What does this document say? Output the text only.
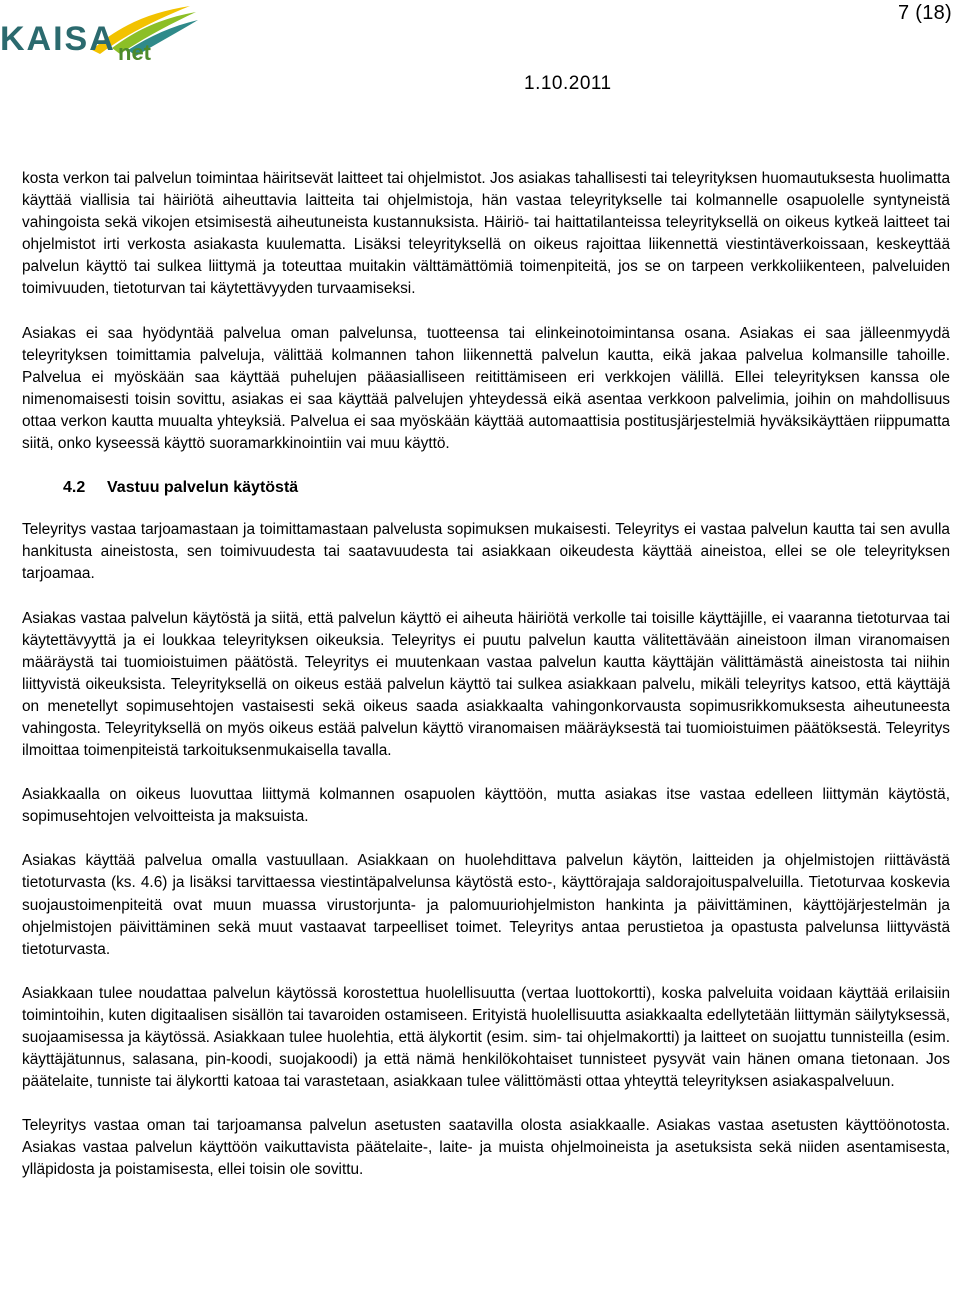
KAISA net
7 (18)
1.10.2011

kosta verkon tai palvelun toimintaa häiritsevät laitteet tai ohjelmistot. Jos asiakas tahallisesti tai teleyrityksen huomautuksesta huolimatta käyttää viallisia tai häiriötä aiheuttavia laitteita tai ohjelmistoja, hän vastaa teleyritykselle tai kolmannelle osapuolelle syntyneistä vahingoista sekä vikojen etsimisestä aiheutuneista kustannuksista. Häiriö- tai haittatilanteissa teleyrityksellä on oikeus kytkeä laitteet tai ohjelmistot irti verkosta asiakasta kuulematta. Lisäksi teleyrityksellä on oikeus rajoittaa liikennettä viestintäverkoissaan, keskeyttää palvelun käyttö tai sulkea liittymä ja toteuttaa muitakin välttämättömiä toimenpiteitä, jos se on tarpeen verkkoliikenteen, palveluiden toimivuuden, tietoturvan tai käytettävyyden turvaamiseksi.

Asiakas ei saa hyödyntää palvelua oman palvelunsa, tuotteensa tai elinkeinotoimintansa osana. Asiakas ei saa jälleenmyydä teleyrityksen toimittamia palveluja, välittää kolmannen tahon liikennettä palvelun kautta, eikä jakaa palvelua kolmansille tahoille. Palvelua ei myöskään saa käyttää puhelujen pääasialliseen reitittämiseen eri verkkojen välillä. Ellei teleyrityksen kanssa ole nimenomaisesti toisin sovittu, asiakas ei saa käyttää palvelujen yhteydessä eikä asentaa verkkoon palvelimia, joihin on mahdollisuus ottaa verkon kautta muualta yhteyksiä. Palvelua ei saa myöskään käyttää automaattisia postitusjärjestelmiä hyväksikäyttäen riippumatta siitä, onko kyseessä käyttö suoramarkkinointiin vai muu käyttö.

4.2 Vastuu palvelun käytöstä

Teleyritys vastaa tarjoamastaan ja toimittamastaan palvelusta sopimuksen mukaisesti. Teleyritys ei vastaa palvelun kautta tai sen avulla hankitusta aineistosta, sen toimivuudesta tai saatavuudesta tai asiakkaan oikeudesta käyttää aineistoa, ellei se ole teleyrityksen tarjoamaa.

Asiakas vastaa palvelun käytöstä ja siitä, että palvelun käyttö ei aiheuta häiriötä verkolle tai toisille käyttäjille, ei vaaranna tietoturvaa tai käytettävyyttä ja ei loukkaa teleyrityksen oikeuksia. Teleyritys ei puutu palvelun kautta välitettävään aineistoon ilman viranomaisen määräystä tai tuomioistuimen päätöstä. Teleyritys ei muutenkaan vastaa palvelun kautta käyttäjän välittämästä aineistosta tai niihin liittyvistä oikeuksista. Teleyrityksellä on oikeus estää palvelun käyttö tai sulkea asiakkaan palvelu, mikäli teleyritys katsoo, että käyttäjä on menetellyt sopimusehtojen vastaisesti sekä oikeus saada asiakkaalta vahingonkorvausta sopimusrikkomuksesta aiheutuneesta vahingosta. Teleyrityksellä on myös oikeus estää palvelun käyttö viranomaisen määräyksestä tai tuomioistuimen päätöksestä. Teleyritys ilmoittaa toimenpiteistä tarkoituksenmukaisella tavalla.

Asiakkaalla on oikeus luovuttaa liittymä kolmannen osapuolen käyttöön, mutta asiakas itse vastaa edelleen liittymän käytöstä, sopimusehtojen velvoitteista ja maksuista.

Asiakas käyttää palvelua omalla vastuullaan. Asiakkaan on huolehdittava palvelun käytön, laitteiden ja ohjelmistojen riittävästä tietoturvasta (ks. 4.6) ja lisäksi tarvittaessa viestintäpalvelunsa käytöstä esto-, käyttörajaja saldorajoituspalveluilla. Tietoturvaa koskevia suojaustoimenpiteitä ovat muun muassa virustorjunta- ja palomuuriohjelmiston hankinta ja päivittäminen, käyttöjärjestelmän ja ohjelmistojen päivittäminen sekä muut vastaavat tarpeelliset toimet. Teleyritys antaa perustietoa ja opastusta palvelunsa liittyvästä tietoturvasta.

Asiakkaan tulee noudattaa palvelun käytössä korostettua huolellisuutta (vertaa luottokortti), koska palveluita voidaan käyttää erilaisiin toimintoihin, kuten digitaalisen sisällön tai tavaroiden ostamiseen. Erityistä huolellisuutta asiakkaalta edellytetään liittymän säilytyksessä, suojaamisessa ja käytössä. Asiakkaan tulee huolehtia, että älykortit (esim. sim- tai ohjelmakortti) ja laitteet on suojattu tunnisteilla (esim. käyttäjätunnus, salasana, pin-koodi, suojakoodi) ja että nämä henkilökohtaiset tunnisteet pysyvät vain hänen omana tietonaan. Jos päätelaite, tunniste tai älykortti katoaa tai varastetaan, asiakkaan tulee välittömästi ottaa yhteyttä teleyrityksen asiakaspalveluun.

Teleyritys vastaa oman tai tarjoamansa palvelun asetusten saatavilla olosta asiakkaalle. Asiakas vastaa asetusten käyttöönotosta. Asiakas vastaa palvelun käyttöön vaikuttavista päätelaite-, laite- ja muista ohjelmoineista ja asetuksista sekä niiden asentamisesta, ylläpidosta ja poistamisesta, ellei toisin ole sovittu.
